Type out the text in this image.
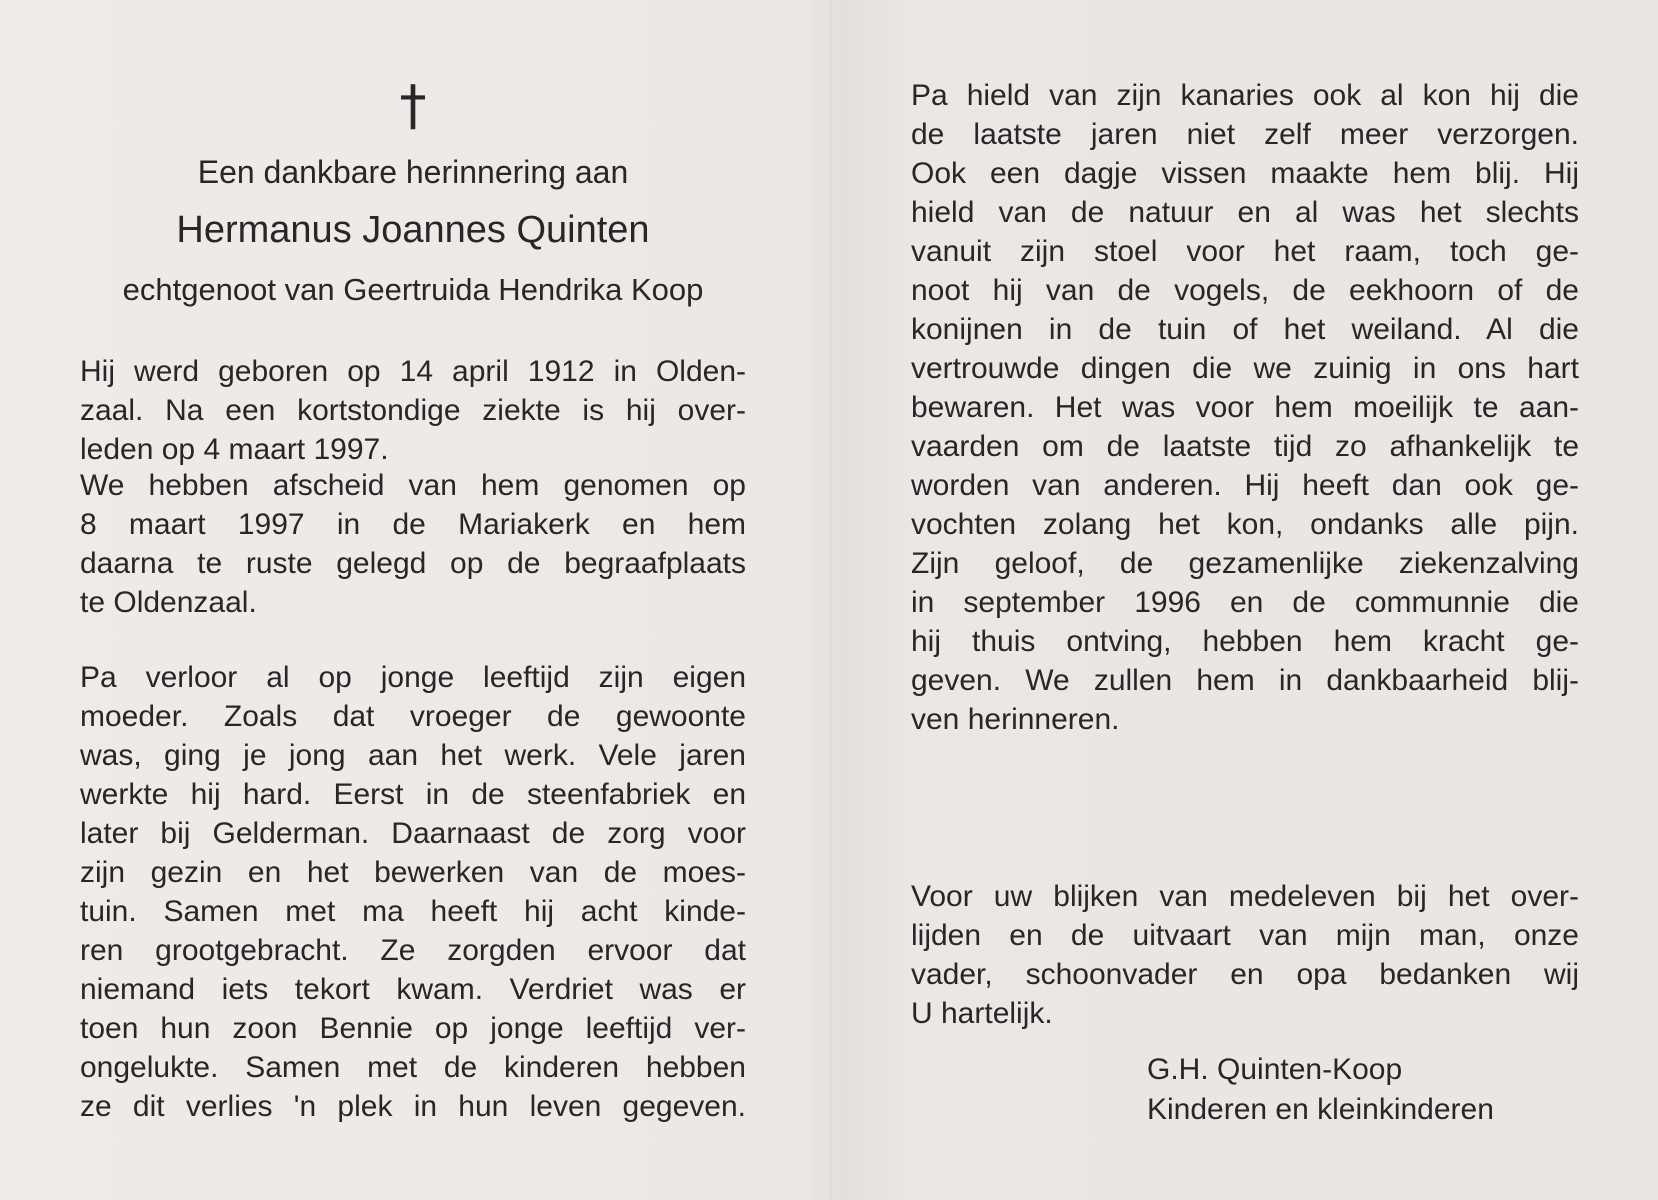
†
Een dankbare herinnering aan
Hermanus Joannes Quinten
echtgenoot van Geertruida Hendrika Koop

Hij werd geboren op 14 april 1912 in Olden-
zaal. Na een kortstondige ziekte is hij over-
leden op 4 maart 1997.

We hebben afscheid van hem genomen op
8 maart 1997 in de Mariakerk en hem
daarna te ruste gelegd op de begraafplaats
te Oldenzaal.

Pa verloor al op jonge leeftijd zijn eigen
moeder. Zoals dat vroeger de gewoonte
was, ging je jong aan het werk. Vele jaren
werkte hij hard. Eerst in de steenfabriek en
later bij Gelderman. Daarnaast de zorg voor
zijn gezin en het bewerken van de moes-
tuin. Samen met ma heeft hij acht kinde-
ren grootgebracht. Ze zorgden ervoor dat
niemand iets tekort kwam. Verdriet was er
toen hun zoon Bennie op jonge leeftijd ver-
ongelukte. Samen met de kinderen hebben
ze dit verlies 'n plek in hun leven gegeven.

Pa hield van zijn kanaries ook al kon hij die
de laatste jaren niet zelf meer verzorgen.
Ook een dagje vissen maakte hem blij. Hij
hield van de natuur en al was het slechts
vanuit zijn stoel voor het raam, toch ge-
noot hij van de vogels, de eekhoorn of de
konijnen in de tuin of het weiland. Al die
vertrouwde dingen die we zuinig in ons hart
bewaren. Het was voor hem moeilijk te aan-
vaarden om de laatste tijd zo afhankelijk te
worden van anderen. Hij heeft dan ook ge-
vochten zolang het kon, ondanks alle pijn.
Zijn geloof, de gezamenlijke ziekenzalving
in september 1996 en de communnie die
hij thuis ontving, hebben hem kracht ge-
geven. We zullen hem in dankbaarheid blij-
ven herinneren.

Voor uw blijken van medeleven bij het over-
lijden en de uitvaart van mijn man, onze
vader, schoonvader en opa bedanken wij
U hartelijk.

G.H. Quinten-Koop
Kinderen en kleinkinderen
